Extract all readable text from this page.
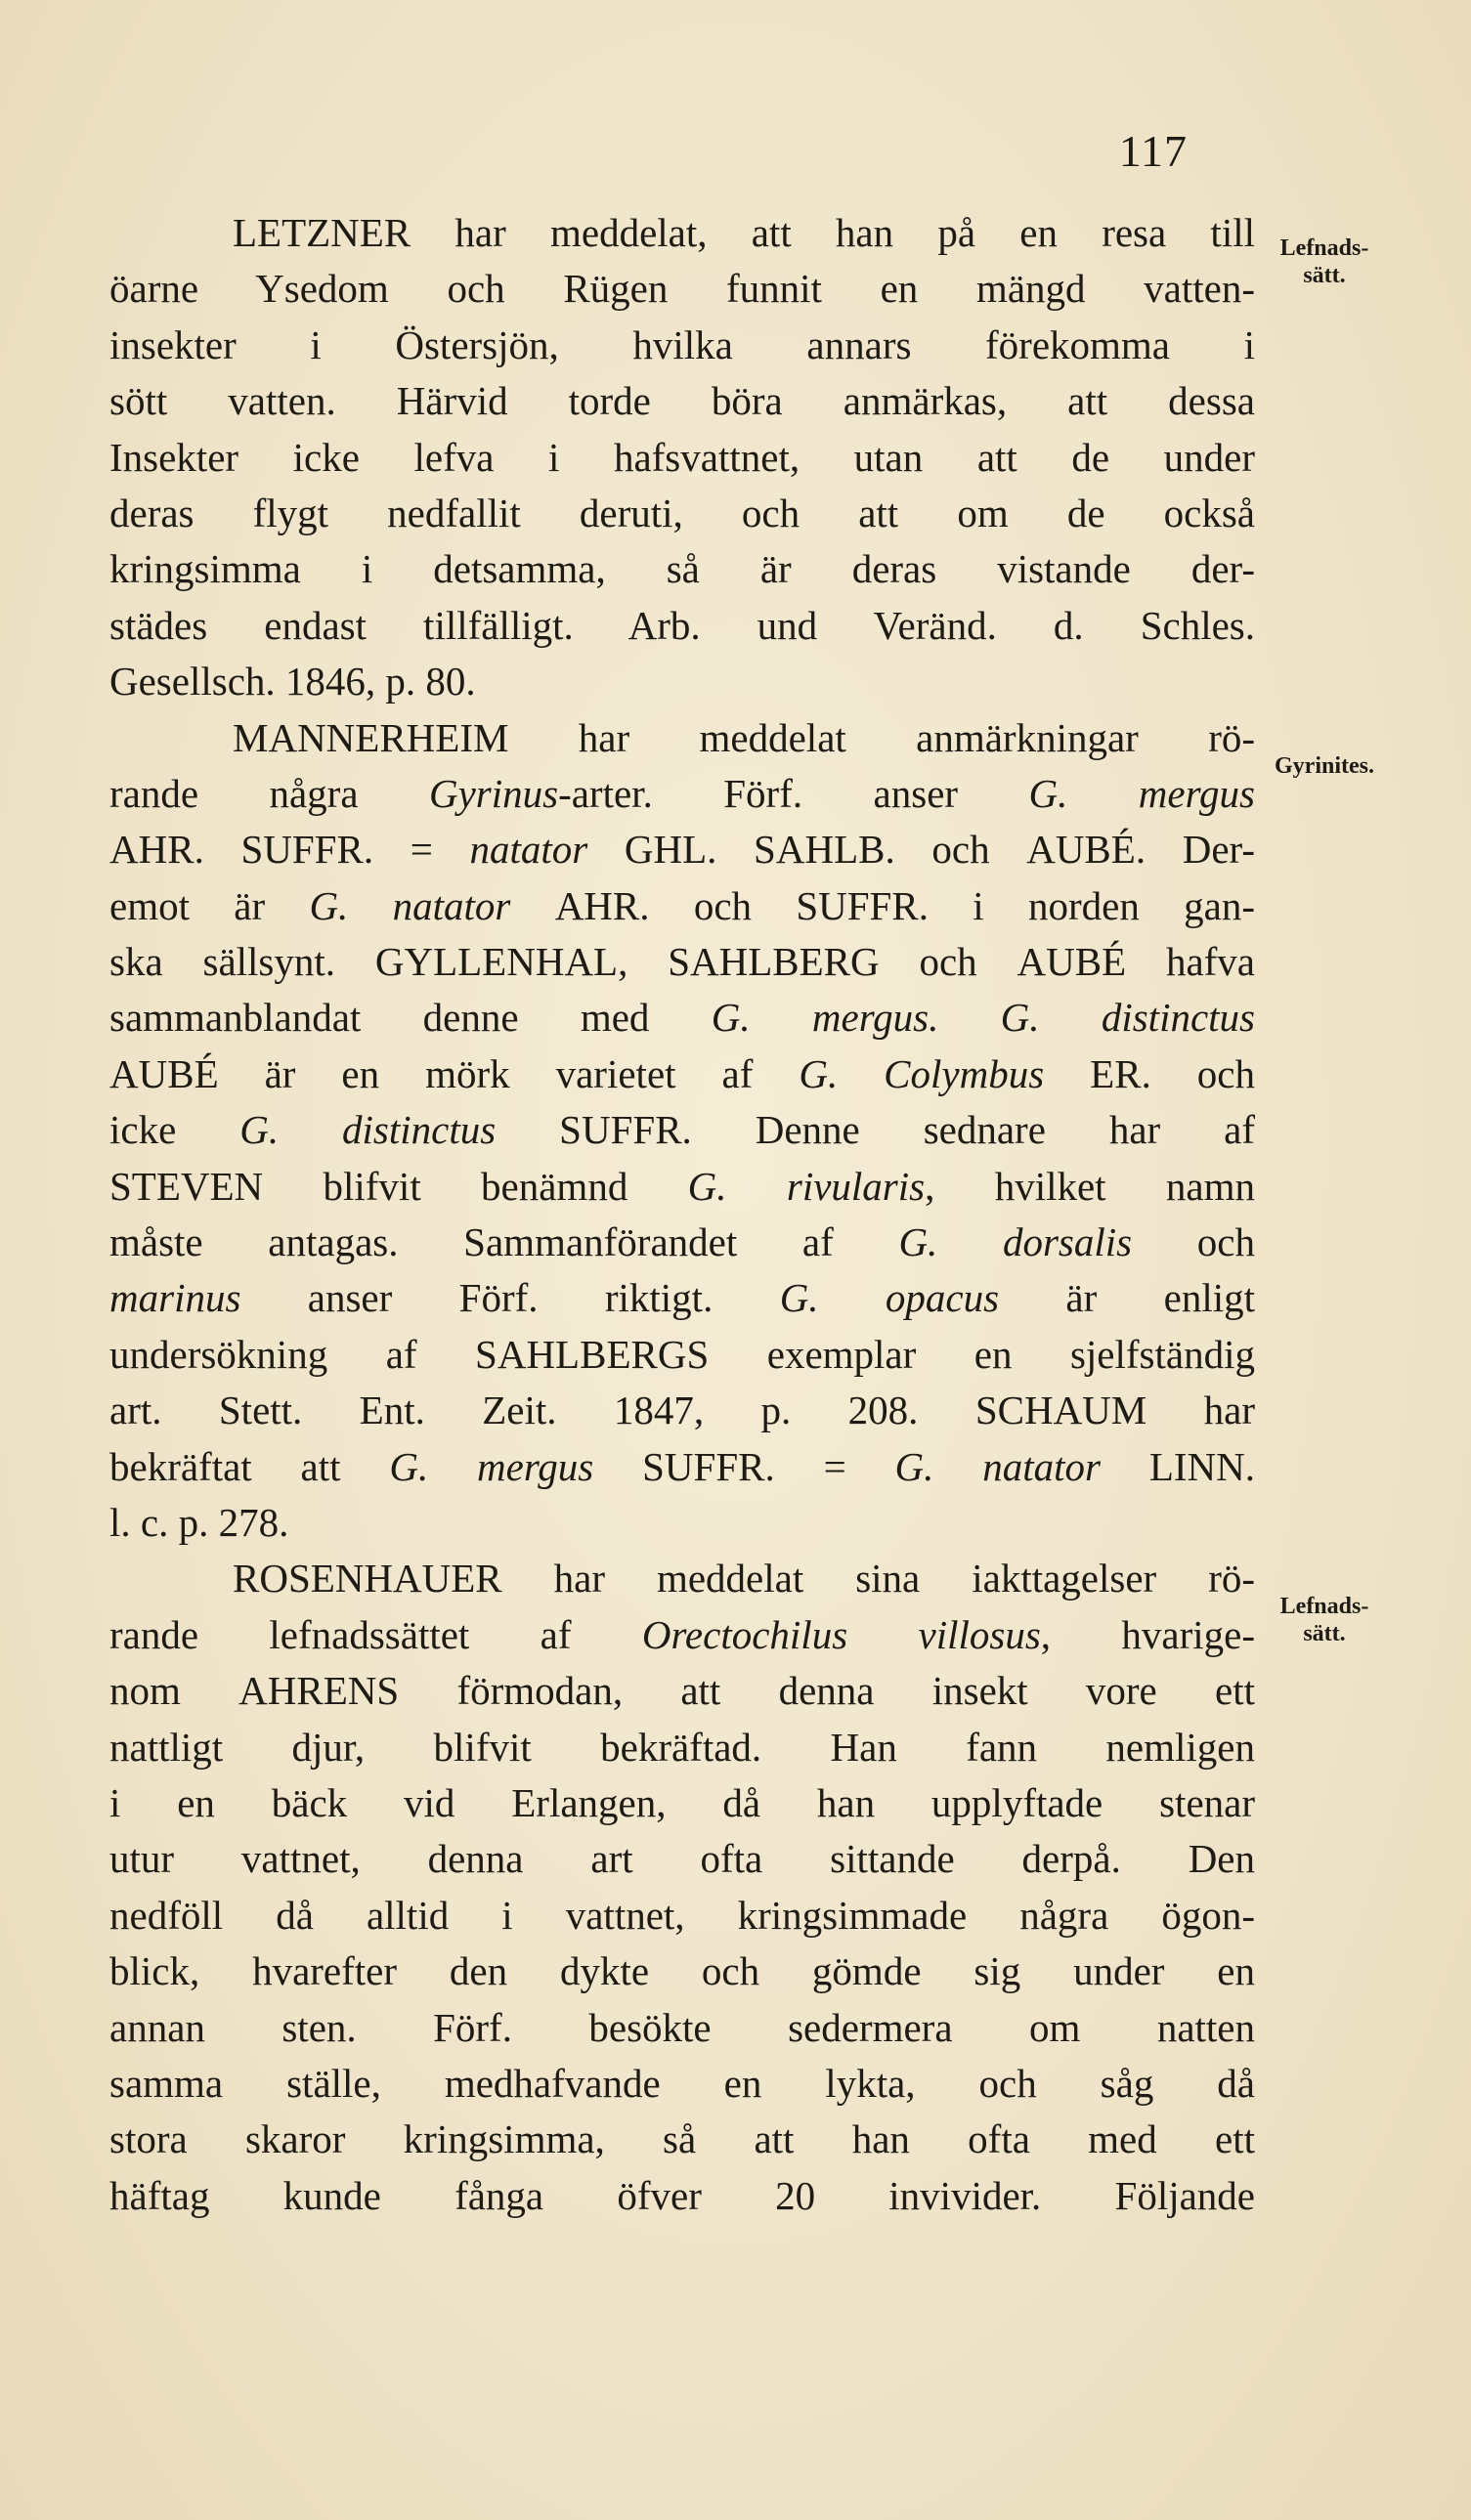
117
Lefnads-
sätt.
Gyrinites.
Lefnads-
sätt.
LETZNER har meddelat, att han på en resa till
öarne Ysedom och Rügen funnit en mängd vatten-
insekter i Östersjön, hvilka annars förekomma i
sött vatten. Härvid torde böra anmärkas, att dessa
Insekter icke lefva i hafsvattnet, utan att de under
deras flygt nedfallit deruti, och att om de också
kringsimma i detsamma, så är deras vistande der-
städes endast tillfälligt. Arb. und Veränd. d. Schles.
Gesellsch. 1846, p. 80.
MANNERHEIM har meddelat anmärkningar rö-
rande några Gyrinus-arter. Förf. anser G. mergus
AHR. SUFFR. = natator GHL. SAHLB. och AUBÉ. Der-
emot är G. natator AHR. och SUFFR. i norden gan-
ska sällsynt. GYLLENHAL, SAHLBERG och AUBÉ hafva
sammanblandat denne med G. mergus. G. distinctus
AUBÉ är en mörk varietet af G. Colymbus ER. och
icke G. distinctus SUFFR. Denne sednare har af
STEVEN blifvit benämnd G. rivularis, hvilket namn
måste antagas. Sammanförandet af G. dorsalis och
marinus anser Förf. riktigt. G. opacus är enligt
undersökning af SAHLBERGS exemplar en sjelfständig
art. Stett. Ent. Zeit. 1847, p. 208. SCHAUM har
bekräftat att G. mergus SUFFR. = G. natator LINN.
l. c. p. 278.
ROSENHAUER har meddelat sina iakttagelser rö-
rande lefnadssättet af Orectochilus villosus, hvarige-
nom AHRENS förmodan, att denna insekt vore ett
nattligt djur, blifvit bekräftad. Han fann nemligen
i en bäck vid Erlangen, då han upplyftade stenar
utur vattnet, denna art ofta sittande derpå. Den
nedföll då alltid i vattnet, kringsimmade några ögon-
blick, hvarefter den dykte och gömde sig under en
annan sten. Förf. besökte sedermera om natten
samma ställe, medhafvande en lykta, och såg då
stora skaror kringsimma, så att han ofta med ett
häftag kunde fånga öfver 20 invivider. Följande
